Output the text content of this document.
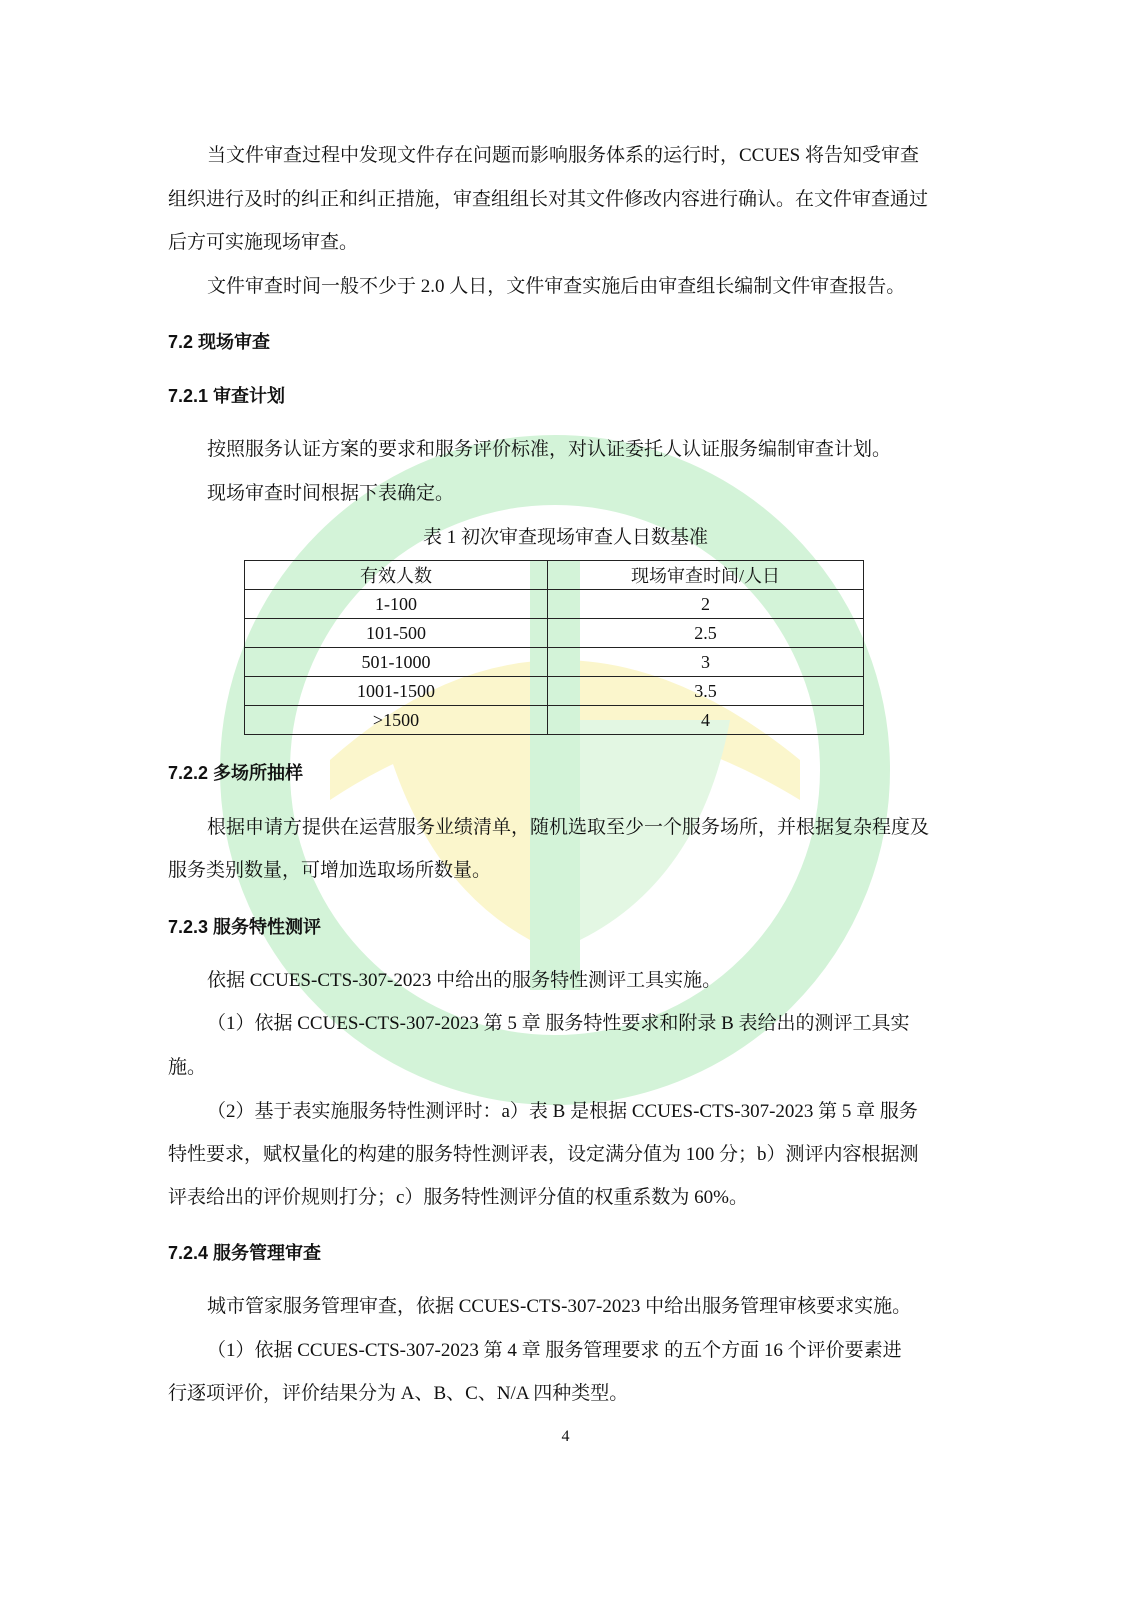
当文件审查过程中发现文件存在问题而影响服务体系的运行时，CCUES 将告知受审查
组织进行及时的纠正和纠正措施，审查组组长对其文件修改内容进行确认。在文件审查通过
后方可实施现场审查。
文件审查时间一般不少于 2.0 人日，文件审查实施后由审查组长编制文件审查报告。
7.2 现场审查
7.2.1 审查计划
按照服务认证方案的要求和服务评价标准，对认证委托人认证服务编制审查计划。
现场审查时间根据下表确定。
表 1 初次审查现场审查人日数基准
有效人数	现场审查时间/人日
1-100	2
101-500	2.5
501-1000	3
1001-1500	3.5
>1500	4
7.2.2 多场所抽样
根据申请方提供在运营服务业绩清单，随机选取至少一个服务场所，并根据复杂程度及
服务类别数量，可增加选取场所数量。
7.2.3 服务特性测评
依据 CCUES-CTS-307-2023 中给出的服务特性测评工具实施。
（1）依据 CCUES-CTS-307-2023 第 5 章 服务特性要求和附录 B 表给出的测评工具实
施。
（2）基于表实施服务特性测评时：a）表 B 是根据 CCUES-CTS-307-2023 第 5 章 服务
特性要求，赋权量化的构建的服务特性测评表，设定满分值为 100 分；b）测评内容根据测
评表给出的评价规则打分；c）服务特性测评分值的权重系数为 60%。
7.2.4 服务管理审查
城市管家服务管理审查，依据 CCUES-CTS-307-2023 中给出服务管理审核要求实施。
（1）依据 CCUES-CTS-307-2023 第 4 章 服务管理要求 的五个方面 16 个评价要素进
行逐项评价，评价结果分为 A、B、C、N/A 四种类型。
4
